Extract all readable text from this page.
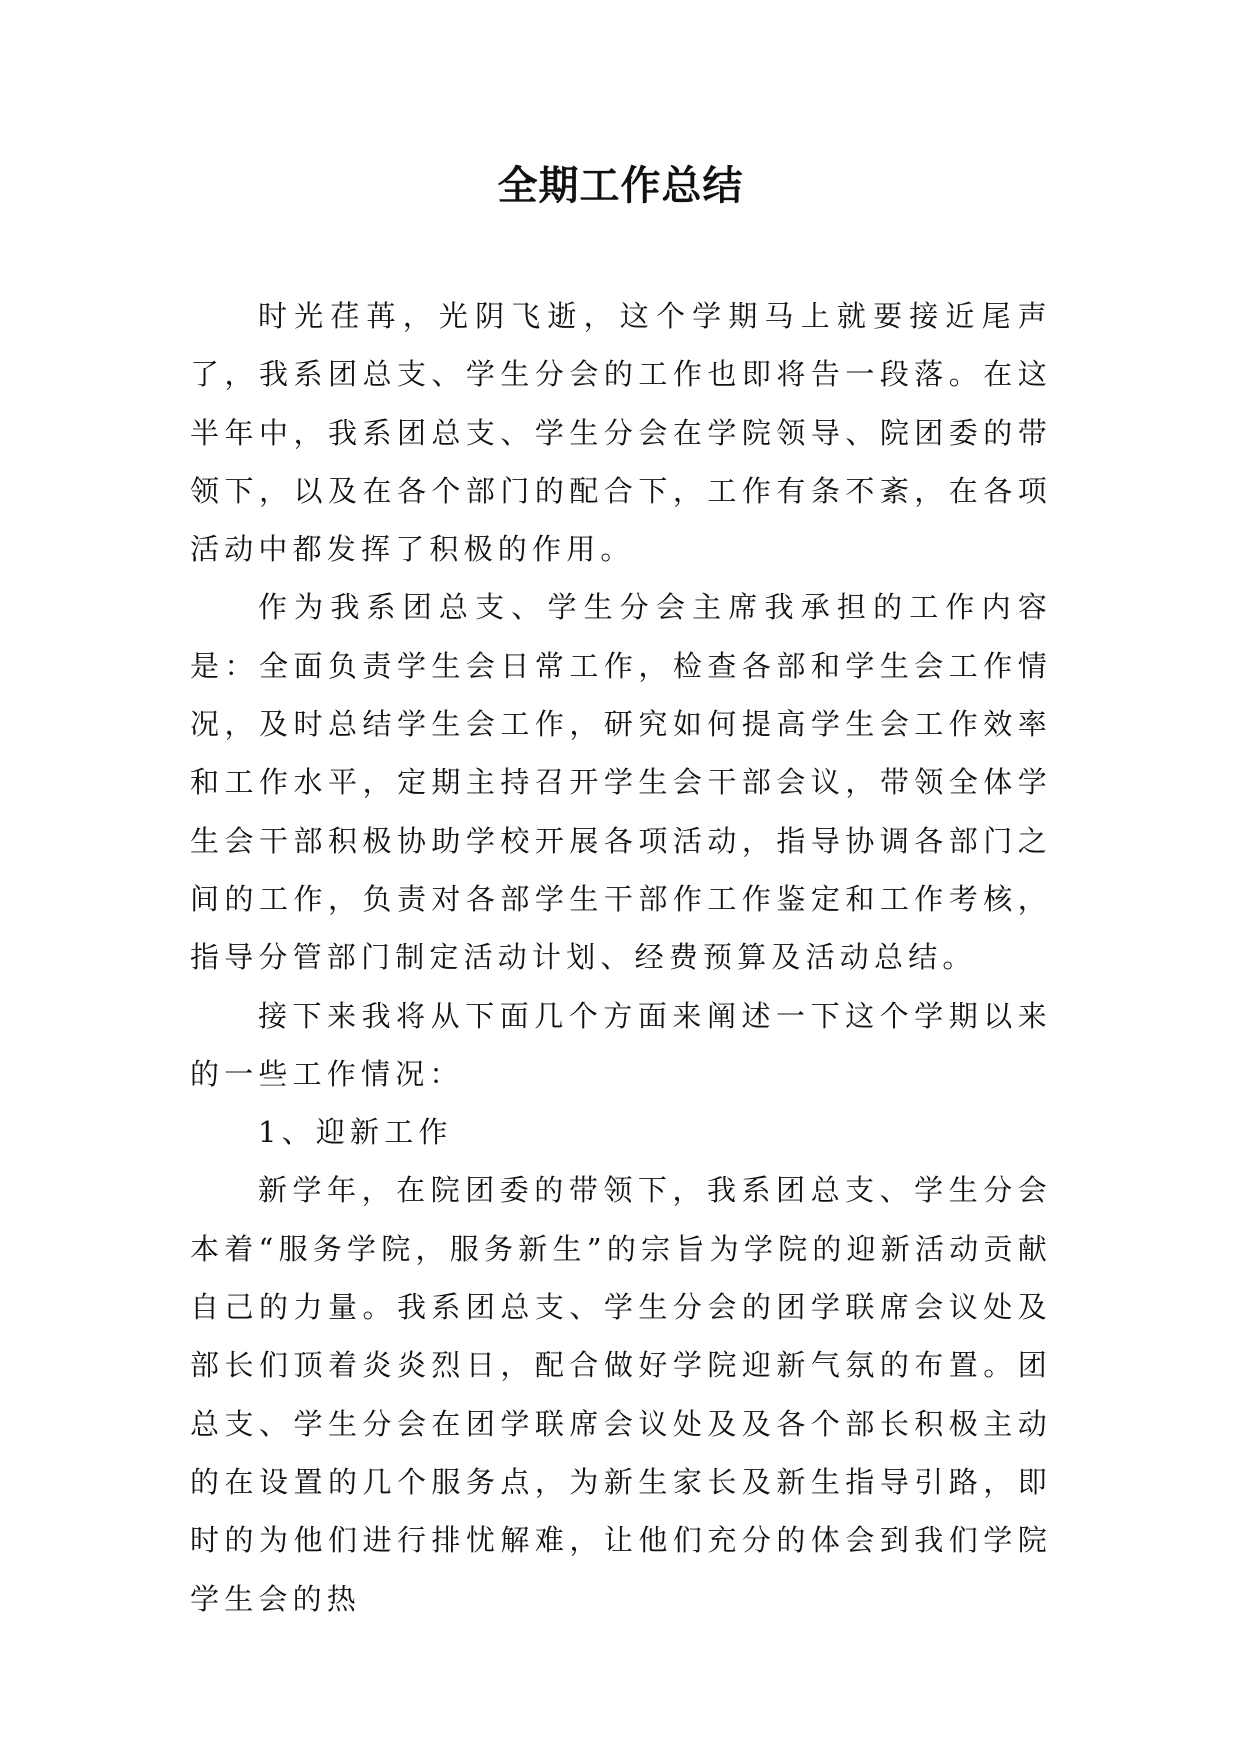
全期工作总结

时光荏苒，光阴飞逝，这个学期马上就要接近尾声了，我系团总支、学生分会的工作也即将告一段落。在这半年中，我系团总支、学生分会在学院领导、院团委的带领下，以及在各个部门的配合下，工作有条不紊，在各项活动中都发挥了积极的作用。

作为我系团总支、学生分会主席我承担的工作内容是：全面负责学生会日常工作，检查各部和学生会工作情况，及时总结学生会工作，研究如何提高学生会工作效率和工作水平，定期主持召开学生会干部会议，带领全体学生会干部积极协助学校开展各项活动，指导协调各部门之间的工作，负责对各部学生干部作工作鉴定和工作考核，指导分管部门制定活动计划、经费预算及活动总结。

接下来我将从下面几个方面来阐述一下这个学期以来的一些工作情况：

1、迎新工作

新学年，在院团委的带领下，我系团总支、学生分会本着“服务学院，服务新生”的宗旨为学院的迎新活动贡献自己的力量。我系团总支、学生分会的团学联席会议处及部长们顶着炎炎烈日，配合做好学院迎新气氛的布置。团总支、学生分会在团学联席会议处及及各个部长积极主动的在设置的几个服务点，为新生家长及新生指导引路，即时的为他们进行排忧解难，让他们充分的体会到我们学院学生会的热
